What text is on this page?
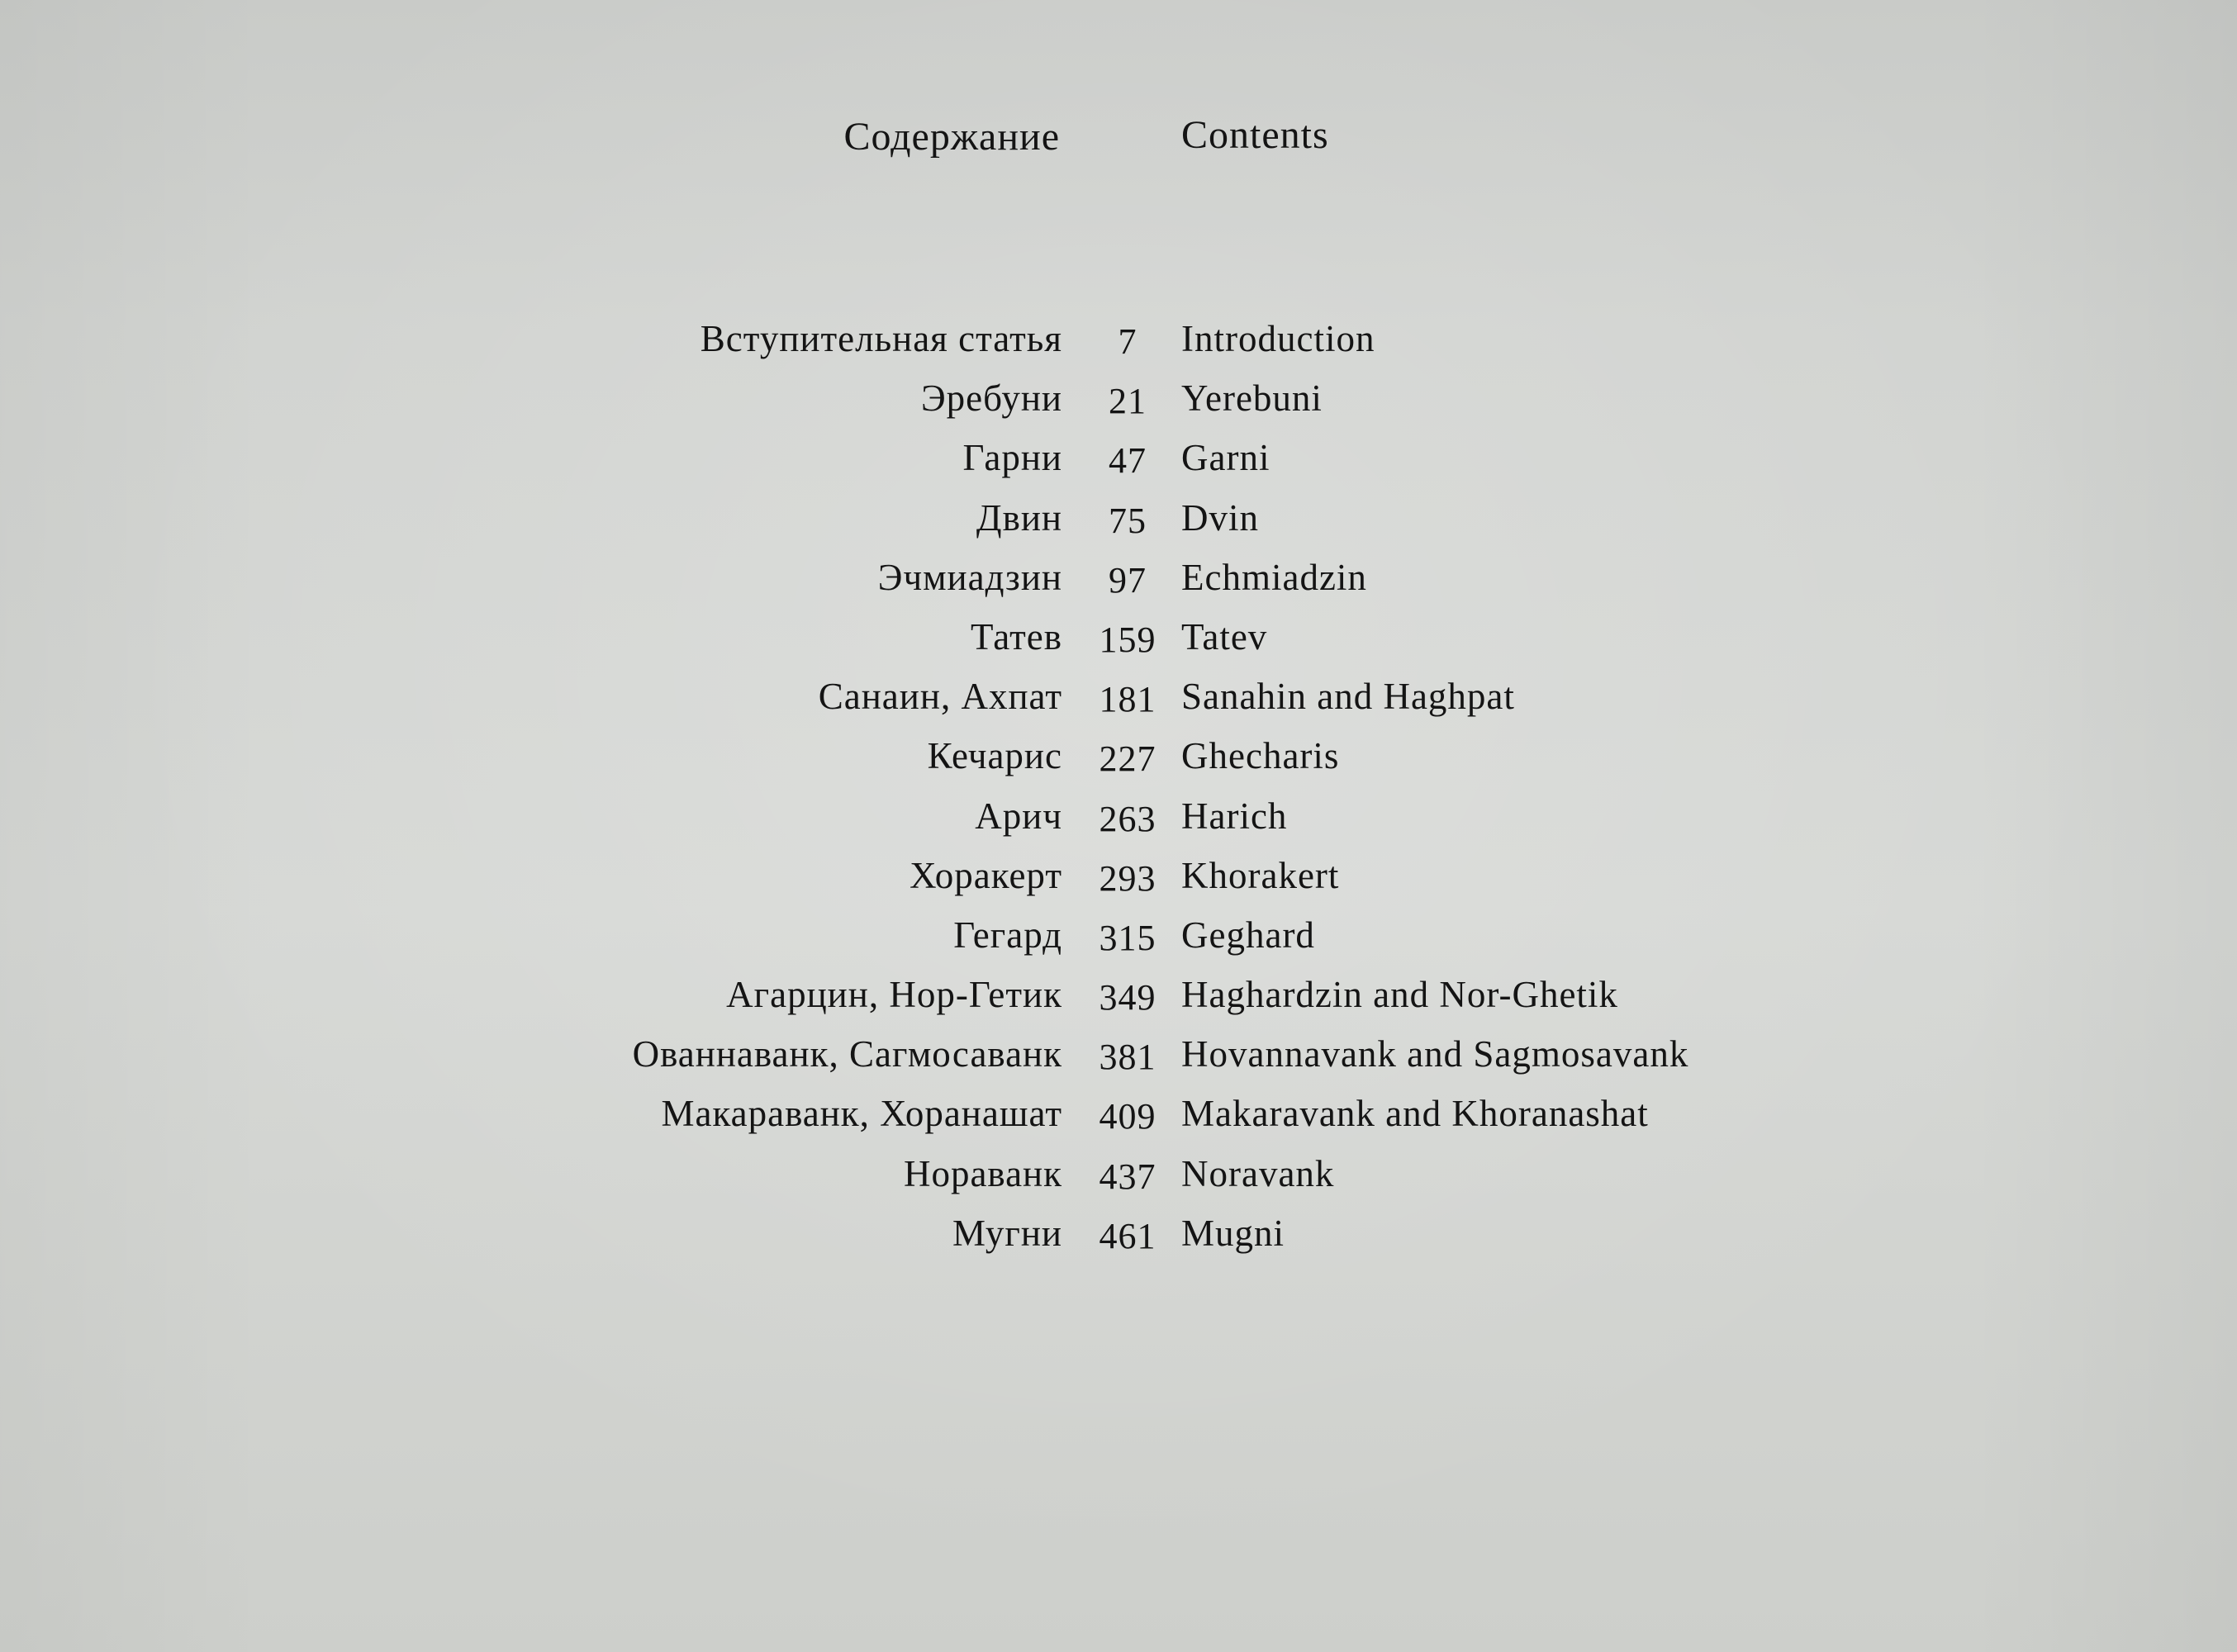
Содержание	Contents
Вступительная статья	7	Introduction
Эребуни	21 Yerebuni
Гарни	47 Garni
Двин	75 Dvin
Эчмиадзин	97 Echmiadzin
Татев 159 Tatev
Санаин, Ахпат 181 Sanahin and Haghpat
Кечарис 227 Ghecharis
Арич 263 Harich
Хоракерт 293 Khorakert
Гегард 315 Geghard
Агарцин, Нор-Гетик 349 Haghardzin and Nor-Ghetik
Ованнаванк, Сагмосаванк 381 Hovannavank and Sagmosavank
Макараванк, Хоранашат 409 Makaravank and Khoranashat
Нораванк 437 Noravank
Мугни 461 Mugni
